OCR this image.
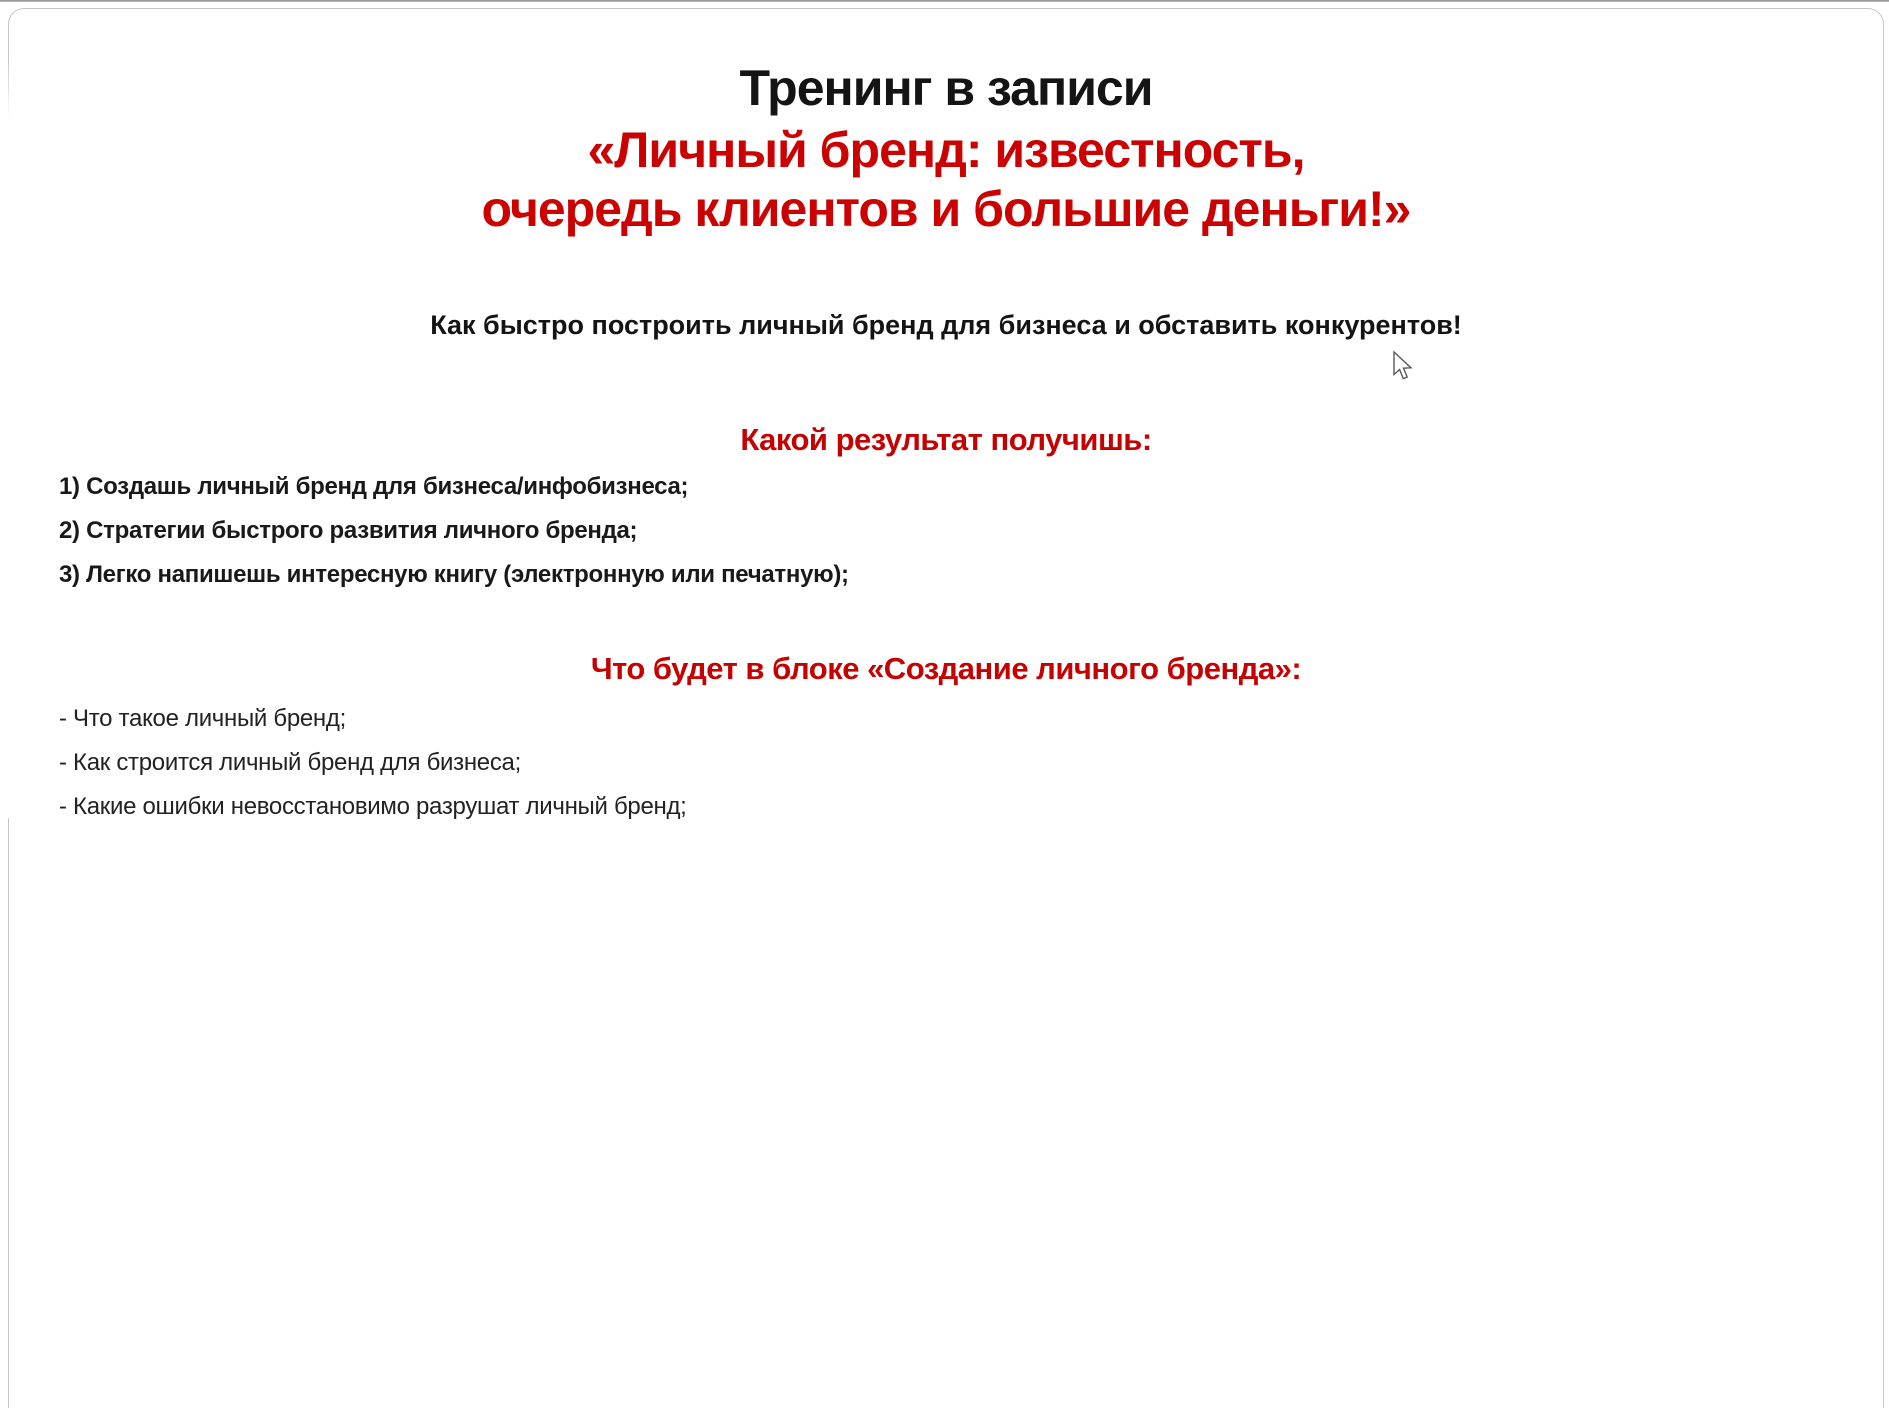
Тренинг в записи
«Личный бренд: известность,
очередь клиентов и большие деньги!»
Как быстро построить личный бренд для бизнеса и обставить конкурентов!
Какой результат получишь:
1) Создашь личный бренд для бизнеса/инфобизнеса;
2) Стратегии быстрого развития личного бренда;
3) Легко напишешь интересную книгу (электронную или печатную);
Что будет в блоке «Создание личного бренда»:
- Что такое личный бренд;
- Как строится личный бренд для бизнеса;
- Какие ошибки невосстановимо разрушат личный бренд;
